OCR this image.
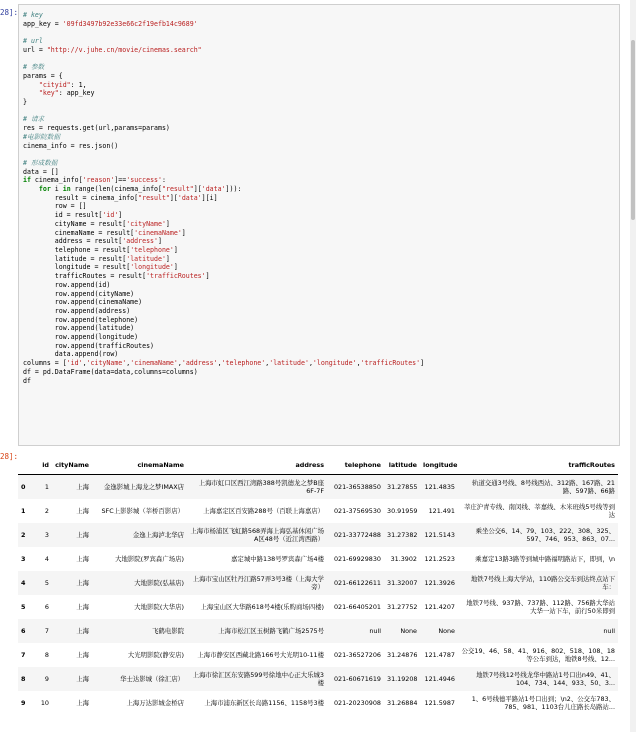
28]: # key
app_key = '09fd3497b92e33e66c2f19efb14c9689'

# url
url = "http://v.juhe.cn/movie/cinemas.search"

# 参数
params = {
"cityid": 1,
"key": app_key
}

# 请求
res = requests.get(url,params=params)
#电影院数据
cinema_info = res.json()

# 形成数据
data = []
if cinema_info['reason']=='success':
for i in range(len(cinema_info["result"]['data'])):
result = cinema_info["result"]['data'][i]
row = []
id = result['id']
cityName = result['cityName']
cinemaName = result['cinemaName']
address = result['address']
telephone = result['telephone']
latitude = result['latitude']
longitude = result['longitude']
trafficRoutes = result['trafficRoutes']
row.append(id)
row.append(cityName)
row.append(cinemaName)
row.append(address)
row.append(telephone)
row.append(latitude)
row.append(longitude)
row.append(trafficRoutes)
data.append(row)
columns = ['id','cityName','cinemaName','address','telephone','latitude','longitude','trafficRoutes']
df = pd.DataFrame(data=data,columns=columns)
df
28]:
	id	cityName	cinemaName	address	telephone	latitude	longitude	trafficRoutes
0	1	上海	金逸影城上海龙之梦IMAX店	上海市虹口区西江湾路388号凯德龙之梦B座6F-7F	021-36538850	31.27855	121.4835	轨道交通3号线、8号线西站、312路、167路、21路、597路、66路
1	2	上海	SFC上影影城（莘桥百影店）	上海嘉定区百安路288号（百联上海嘉店）	021-37569530	30.91959	121.491	莘庄沪青专线、南闵线、莘嘉线、木米班线5号线等到达
2	3	上海	金逸上海泸北华店	上海市杨浦区飞虹路568弄海上海弘基休闲广场A区48号（近江湾西路）	021-33772488	31.27382	121.5143	乘坐公交6、14、79、103、222、308、325、597、746、953、863、07...
3	4	上海	大地影院(罗宾森广场店)	嘉定城中路138号罗宾森广场4楼	021-69929830	31.3902	121.2523	乘嘉定13路3路等到城中路福明路站下，即到，\n
4	5	上海	大地影院(弘基店)	上海市宝山区牡丹江路57弄3号3楼（上海大学旁）	021-66122611	31.32007	121.3926	地铁7号线上海大学站，110路公交车到达终点站下车：
5	6	上海	大地影院(大华店)	上海宝山区大华路618号4楼(乐购商场四楼)	021-66405201	31.27752	121.4207	地铁7号线、937路、737路、112路、756路大华站大华一站下车，前行50米即到
6	7	上海	飞鹤电影院	上海市松江区玉树路飞鹤广场2575号	null	None	None	null
7	8	上海	大光明影院(静安店)	上海市静安区西藏北路166号大光明10-11楼	021-36527206	31.24876	121.4787	公交19、46、58、41、916、802、518、108、18等公车到达，地铁8号线、12...
8	9	上海	华士达影城（徐汇店）	上海市徐汇区东安路599号徐地中心正大乐城3楼	021-60671619	31.19208	121.4946	地铁7号线12号线龙华中路站1号口出n49、41、104、734、144、933、50、3...
9	10	上海	上海万达影城金桥店	上海市浦东新区长岛路1156、1158号3楼	021-20230908	31.26884	121.5987	1、6号线德平路站1号口出到；\n2、公交车783、785、981、1103台儿庄路长岛路站...
